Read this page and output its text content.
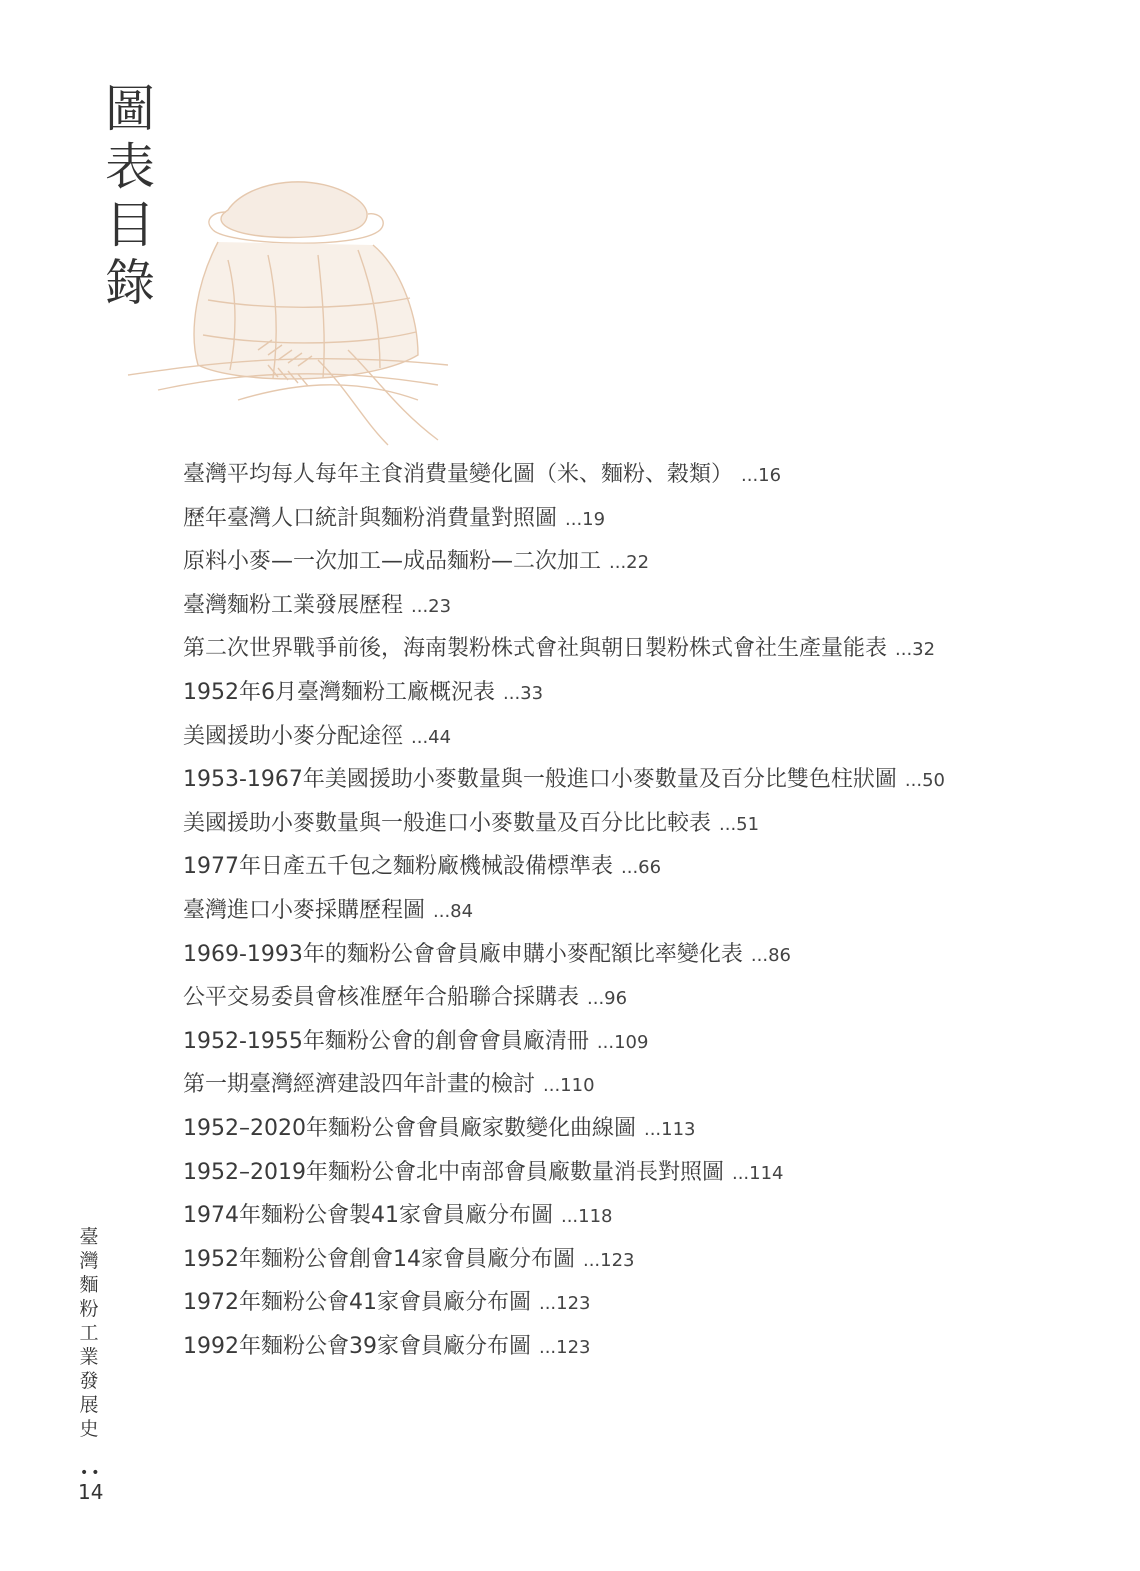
圖表目錄
臺灣平均每人每年主食消費量變化圖（米、麵粉、穀類） ...16
歷年臺灣人口統計與麵粉消費量對照圖 ...19
原料小麥—一次加工—成品麵粉—二次加工 ...22
臺灣麵粉工業發展歷程 ...23
第二次世界戰爭前後，海南製粉株式會社與朝日製粉株式會社生產量能表 ...32
1952年6月臺灣麵粉工廠概況表 ...33
美國援助小麥分配途徑 ...44
1953-1967年美國援助小麥數量與一般進口小麥數量及百分比雙色柱狀圖 ...50
美國援助小麥數量與一般進口小麥數量及百分比比較表 ...51
1977年日產五千包之麵粉廠機械設備標準表 ...66
臺灣進口小麥採購歷程圖 ...84
1969-1993年的麵粉公會會員廠申購小麥配額比率變化表 ...86
公平交易委員會核准歷年合船聯合採購表 ...96
1952-1955年麵粉公會的創會會員廠清冊 ...109
第一期臺灣經濟建設四年計畫的檢討 ...110
1952–2020年麵粉公會會員廠家數變化曲線圖 ...113
1952–2019年麵粉公會北中南部會員廠數量消長對照圖 ...114
1974年麵粉公會製41家會員廠分布圖 ...118
1952年麵粉公會創會14家會員廠分布圖 ...123
1972年麵粉公會41家會員廠分布圖 ...123
1992年麵粉公會39家會員廠分布圖 ...123
臺灣麵粉工業發展史
••
14
